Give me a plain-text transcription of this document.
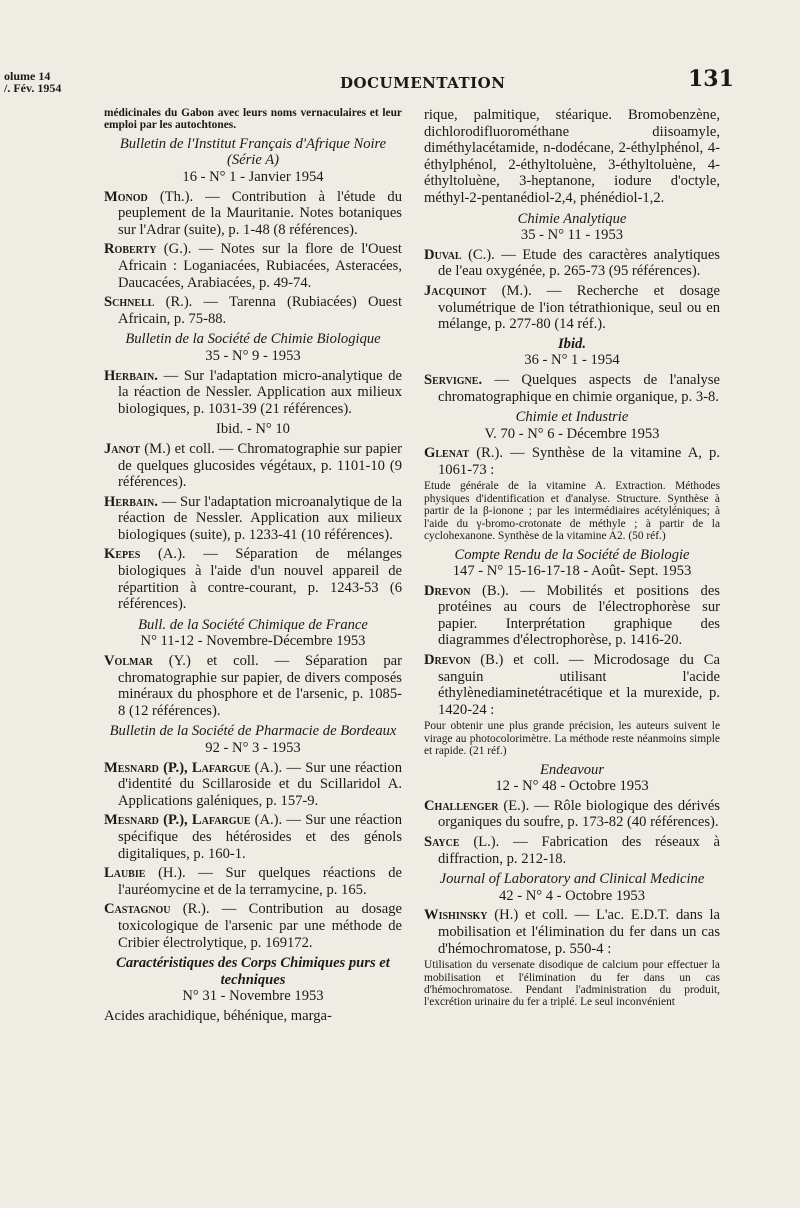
olume 14
/. Fév. 1954	DOCUMENTATION	131

médicinales du Gabon avec leurs noms vernaculaires et leur emploi par les autochtones.

Bulletin de l'Institut Français d'Afrique Noire (Série A)

16 - N° 1 - Janvier 1954

Monod (Th.). — Contribution à l'étude du peuplement de la Mauritanie. Notes botaniques sur l'Adrar (suite), p. 1-48 (8 références).

Roberty (G.). — Notes sur la flore de l'Ouest Africain : Loganiacées, Rubiacées, Asteracées, Daucacées, Arabiacées, p. 49-74.

Schnell (R.). — Tarenna (Rubiacées) Ouest Africain, p. 75-88.

Bulletin de la Société de Chimie Biologique

35 - N° 9 - 1953

Herbain. — Sur l'adaptation micro-analytique de la réaction de Nessler. Application aux milieux biologiques, p. 1031-39 (21 références).

Ibid. - N° 10

Janot (M.) et coll. — Chromatographie sur papier de quelques glucosides végétaux, p. 1101-10 (9 références).

Herbain. — Sur l'adaptation microanalytique de la réaction de Nessler. Application aux milieux biologiques (suite), p. 1233-41 (10 références).

Kepes (A.). — Séparation de mélanges biologiques à l'aide d'un nouvel appareil de répartition à contre-courant, p. 1243-53 (6 références).

Bull. de la Société Chimique de France

N° 11-12 - Novembre-Décembre 1953

Volmar (Y.) et coll. — Séparation par chromatographie sur papier, de divers composés minéraux du phosphore et de l'arsenic, p. 1085-8 (12 références).

Bulletin de la Société de Pharmacie de Bordeaux

92 - N° 3 - 1953

Mesnard (P.), Lafargue (A.). — Sur une réaction d'identité du Scillaroside et du Scillaridol A. Applications galéniques, p. 157-9.

Mesnard (P.), Lafargue (A.). — Sur une réaction spécifique des hétérosides et des génols digitaliques, p. 160-1.

Laubie (H.). — Sur quelques réactions de l'auréomycine et de la terramycine, p. 165.

Castagnou (R.). — Contribution au dosage toxicologique de l'arsenic par une méthode de Cribier électrolytique, p. 169172.

Caractéristiques des Corps Chimiques purs et techniques

N° 31 - Novembre 1953

Acides arachidique, béhénique, marga-

rique, palmitique, stéarique. Bromobenzène, dichlorodifluorométhane diisoamyle, diméthylacétamide, n-dodécane, 2-éthylphénol, 4-éthylphénol, 2-éthyltoluène, 3-éthyltoluène, 4-éthyltoluène, 3-heptanone, iodure d'octyle, méthyl-2-pentanédiol-2,4, phénédiol-1,2.

Chimie Analytique

35 - N° 11 - 1953

Duval (C.). — Etude des caractères analytiques de l'eau oxygénée, p. 265-73 (95 références).

Jacquinot (M.). — Recherche et dosage volumétrique de l'ion tétrathionique, seul ou en mélange, p. 277-80 (14 réf.).

Ibid.

36 - N° 1 - 1954

Servigne. — Quelques aspects de l'analyse chromatographique en chimie organique, p. 3-8.

Chimie et Industrie

V. 70 - N° 6 - Décembre 1953

Glenat (R.). — Synthèse de la vitamine A, p. 1061-73 :

Etude générale de la vitamine A. Extraction. Méthodes physiques d'identification et d'analyse. Structure. Synthèse à partir de la β-ionone ; par les intermédiaires acétyléniques; à l'aide du γ-bromo-crotonate de méthyle ; à partir de la cyclohexanone. Synthèse de la vitamine A2. (50 réf.)

Compte Rendu de la Société de Biologie

147 - N° 15-16-17-18 - Août- Sept. 1953

Drevon (B.). — Mobilités et positions des protéines au cours de l'électrophorèse sur papier. Interprétation graphique des diagrammes d'électrophorèse, p. 1416-20.

Drevon (B.) et coll. — Microdosage du Ca sanguin utilisant l'acide éthylènediaminetétracétique et la murexide, p. 1420-24 :

Pour obtenir une plus grande précision, les auteurs suivent le virage au photocolorimètre. La méthode reste néanmoins simple et rapide. (21 réf.)

Endeavour

12 - N° 48 - Octobre 1953

Challenger (E.). — Rôle biologique des dérivés organiques du soufre, p. 173-82 (40 références).

Sayce (L.). — Fabrication des réseaux à diffraction, p. 212-18.

Journal of Laboratory and Clinical Medicine

42 - N° 4 - Octobre 1953

Wishinsky (H.) et coll. — L'ac. E.D.T. dans la mobilisation et l'élimination du fer dans un cas d'hémochromatose, p. 550-4 :

Utilisation du versenate disodique de calcium pour effectuer la mobilisation et l'élimination du fer dans un cas d'hémochromatose. Pendant l'administration du produit, l'excrétion urinaire du fer a triplé. Le seul inconvénient
